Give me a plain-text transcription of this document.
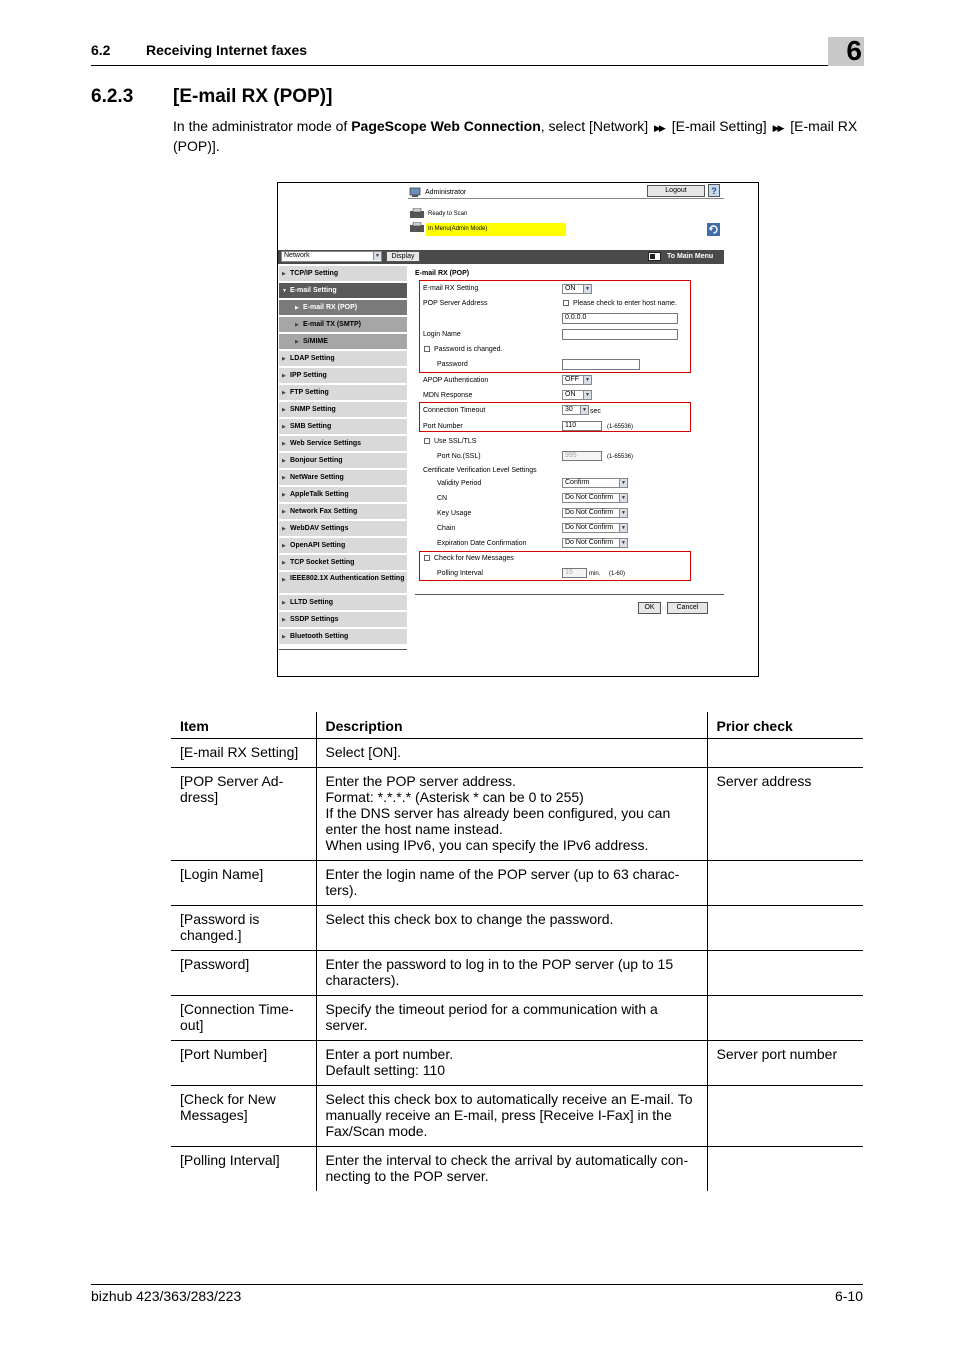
6.2	Receiving Internet faxes	6
6.2.3 [E-mail RX (POP)]
In the administrator mode of PageScope Web Connection, select [Network] ▶▶ [E-mail Setting] ▶▶ [E-mail RX (POP)].
Administrator	Logout	?
Ready to Scan
In Menu(Admin Mode)
Network	▼	Display	To Main Menu
▶ TCP/IP Setting
▼ E-mail Setting
▶ E-mail RX (POP)
▶ E-mail TX (SMTP)
▶ S/MIME
▶ LDAP Setting
▶ IPP Setting
▶ FTP Setting
▶ SNMP Setting
▶ SMB Setting
▶ Web Service Settings
▶ Bonjour Setting
▶ NetWare Setting
▶ AppleTalk Setting
▶ Network Fax Setting
▶ WebDAV Settings
▶ OpenAPI Setting
▶ TCP Socket Setting
▶ IEEE802.1X Authentication Setting
▶ LLTD Setting
▶ SSDP Settings
▶ Bluetooth Setting
E-mail RX (POP)
E-mail RX Setting	ON	▼
POP Server Address	Please check to enter host name.
0.0.0.0
Login Name
Password is changed.
Password
APOP Authentication	OFF	▼
MDN Response	ON	▼
Connection Timeout	30	▼ sec
Port Number	110	(1-65536)
Use SSL/TLS
Port No.(SSL)	995	(1-65536)
Certificate Verification Level Settings
Validity Period	Confirm	▼
CN	Do Not Confirm	▼
Key Usage	Do Not Confirm	▼
Chain	Do Not Confirm	▼
Expiration Date Confirmation	Do Not Confirm	▼
Check for New Messages
Polling Interval	15	min. (1-60)
OK	Cancel
Item	Description	Prior check
[E-mail RX Setting]	Select [ON].	
[POP Server Ad-
dress]	Enter the POP server address.
Format: *.*.*.* (Asterisk * can be 0 to 255)
If the DNS server has already been configured, you can enter the host name instead.
When using IPv6, you can specify the IPv6 address.	Server address
[Login Name]	Enter the login name of the POP server (up to 63 charac-
ters).	
[Password is changed.]	Select this check box to change the password.	
[Password]	Enter the password to log in to the POP server (up to 15 characters).	
[Connection Time-
out]	Specify the timeout period for a communication with a server.	
[Port Number]	Enter a port number.
Default setting: 110	Server port number
[Check for New Messages]	Select this check box to automatically receive an E-mail. To manually receive an E-mail, press [Receive I-Fax] in the Fax/Scan mode.	
[Polling Interval]	Enter the interval to check the arrival by automatically con-
necting to the POP server.	
bizhub 423/363/283/223	6-10
